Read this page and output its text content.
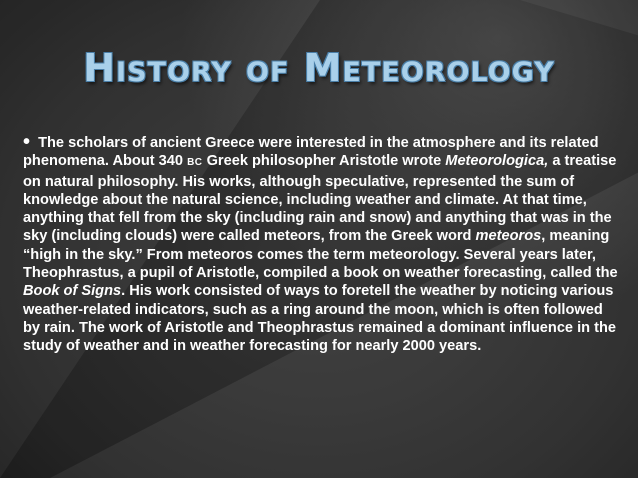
History of Meteorology

• The scholars of ancient Greece were interested in the atmosphere and its related phenomena. About 340 BC Greek philosopher Aristotle wrote Meteorologica, a treatise on natural philosophy. His works, although speculative, represented the sum of knowledge about the natural science, including weather and climate. At that time, anything that fell from the sky (including rain and snow) and anything that was in the sky (including clouds) were called meteors, from the Greek word meteoros, meaning “high in the sky.” From meteoros comes the term meteorology. Several years later, Theophrastus, a pupil of Aristotle, compiled a book on weather forecasting, called the Book of Signs. His work consisted of ways to foretell the weather by noticing various weather-related indicators, such as a ring around the moon, which is often followed by rain. The work of Aristotle and Theophrastus remained a dominant influence in the study of weather and in weather forecasting for nearly 2000 years.
